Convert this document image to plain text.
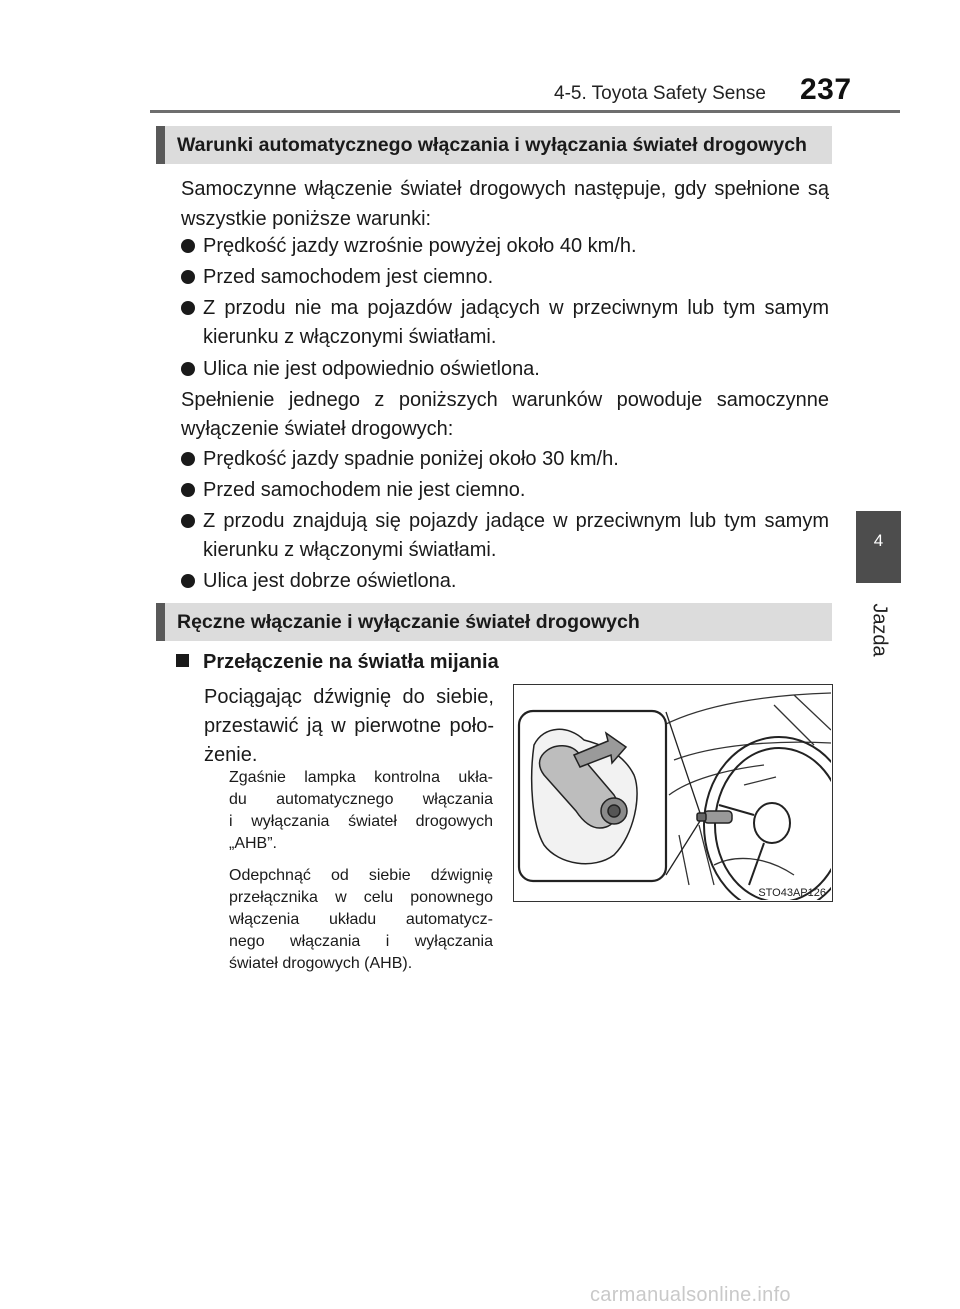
4-5. Toyota Safety Sense 237
4
Jazda
Warunki automatycznego włączania i wyłączania świateł drogowych
Samoczynne włączenie świateł drogowych następuje, gdy spełnione są
wszystkie poniższe warunki:
Prędkość jazdy wzrośnie powyżej około 40 km/h.
Przed samochodem jest ciemno.
Z przodu nie ma pojazdów jadących w przeciwnym lub tym samym
kierunku z włączonymi światłami.
Ulica nie jest odpowiednio oświetlona.
Spełnienie jednego z poniższych warunków powoduje samoczynne
wyłączenie świateł drogowych:
Prędkość jazdy spadnie poniżej około 30 km/h.
Przed samochodem nie jest ciemno.
Z przodu znajdują się pojazdy jadące w przeciwnym lub tym samym
kierunku z włączonymi światłami.
Ulica jest dobrze oświetlona.
Ręczne włączanie i wyłączanie świateł drogowych
Przełączenie na światła mijania
Pociągając dźwignię do siebie,
przestawić ją w pierwotne poło-
żenie.
Zgaśnie lampka kontrolna ukła-
du automatycznego włączania
i wyłączania świateł drogowych
„AHB”.
Odepchnąć od siebie dźwignię
przełącznika w celu ponownego
włączenia układu automatycz-
nego włączania i wyłączania
świateł drogowych (AHB).
STO43AP126
carmanualsonline.info
